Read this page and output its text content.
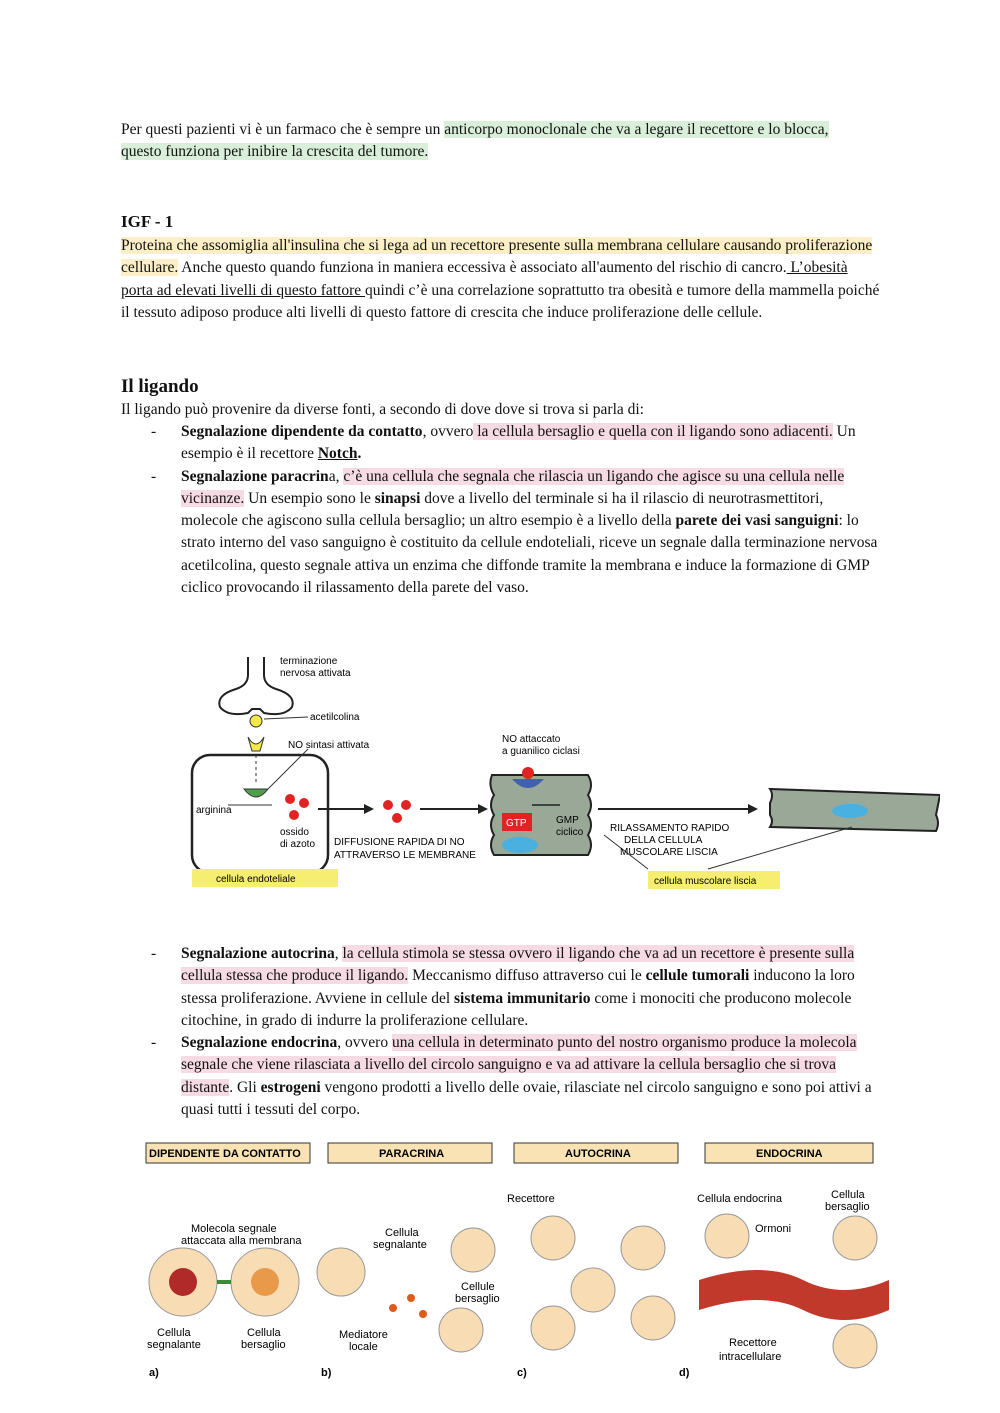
Per questi pazienti vi è un farmaco che è sempre un anticorpo monoclonale che va a legare il recettore e lo blocca, questo funziona per inibire la crescita del tumore.

IGF - 1

Proteina che assomiglia all'insulina che si lega ad un recettore presente sulla membrana cellulare causando proliferazione cellulare. Anche questo quando funziona in maniera eccessiva è associato all'aumento del rischio di cancro. L’obesità porta ad elevati livelli di questo fattore quindi c’è una correlazione soprattutto tra obesità e tumore della mammella poiché il tessuto adiposo produce alti livelli di questo fattore di crescita che induce proliferazione delle cellule.

Il ligando

Il ligando può provenire da diverse fonti, a secondo di dove dove si trova si parla di:

- Segnalazione dipendente da contatto, ovvero la cellula bersaglio e quella con il ligando sono adiacenti. Un esempio è il recettore Notch.
- Segnalazione paracrina, c’è una cellula che segnala che rilascia un ligando che agisce su una cellula nelle vicinanze. Un esempio sono le sinapsi dove a livello del terminale si ha il rilascio di neurotrasmettitori, molecole che agiscono sulla cellula bersaglio; un altro esempio è a livello della parete dei vasi sanguigni: lo strato interno del vaso sanguigno è costituito da cellule endoteliali, riceve un segnale dalla terminazione nervosa acetilcolina, questo segnale attiva un enzima che diffonde tramite la membrana e induce la formazione di GMP ciclico provocando il rilassamento della parete del vaso.
terminazione
nervosa attivata
acetilcolina
NO sintasi attivata
arginina
ossido
di azoto DIFFUSIONE RAPIDA DI NO
ATTRAVERSO LE MEMBRANE
NO attaccato
a guanilico ciclasi
GTP	GMP
ciclico	RILASSAMENTO RAPIDO
DELLA CELLULA
MUSCOLARE LISCIA
cellula endoteliale	cellula muscolare liscia
- Segnalazione autocrina, la cellula stimola se stessa ovvero il ligando che va ad un recettore è presente sulla cellula stessa che produce il ligando. Meccanismo diffuso attraverso cui le cellule tumorali inducono la loro stessa proliferazione. Avviene in cellule del sistema immunitario come i monociti che producono molecole citochine, in grado di indurre la proliferazione cellulare.
- Segnalazione endocrina, ovvero una cellula in determinato punto del nostro organismo produce la molecola segnale che viene rilasciata a livello del circolo sanguigno e va ad attivare la cellula bersaglio che si trova distante. Gli estrogeni vengono prodotti a livello delle ovaie, rilasciate nel circolo sanguigno e sono poi attivi a quasi tutti i tessuti del corpo.
DIPENDENTE DA CONTATTO	PARACRINA	AUTOCRINA	ENDOCRINA
Molecola segnale
attaccata alla membrana
Cellula
segnalante
Cellula
bersaglio
a)
Cellula
segnalante
Cellule
bersaglio
Mediatore
locale
b)
Recettore
c)
Cellula endocrina	Cellula
bersaglio
Ormoni
Recettore
intracellulare
d)
